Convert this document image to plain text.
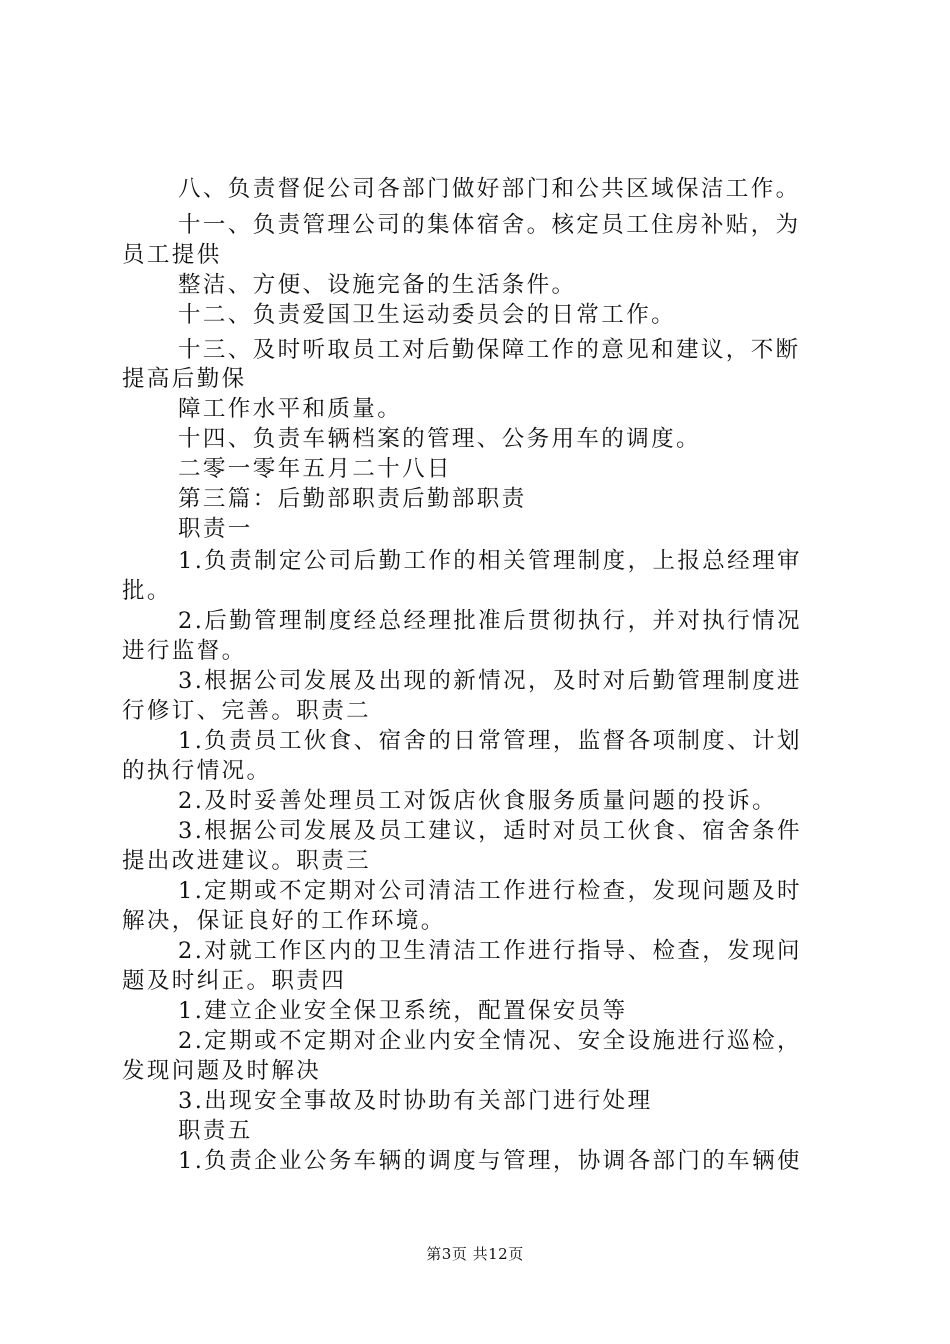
八、负责督促公司各部门做好部门和公共区域保洁工作。
十一、负责管理公司的集体宿舍。核定员工住房补贴，为
员工提供
整洁、方便、设施完备的生活条件。
十二、负责爱国卫生运动委员会的日常工作。
十三、及时听取员工对后勤保障工作的意见和建议，不断
提高后勤保
障工作水平和质量。
十四、负责车辆档案的管理、公务用车的调度。
二零一零年五月二十八日
第三篇：后勤部职责后勤部职责
职责一
1.负责制定公司后勤工作的相关管理制度，上报总经理审
批。
2.后勤管理制度经总经理批准后贯彻执行，并对执行情况
进行监督。
3.根据公司发展及出现的新情况，及时对后勤管理制度进
行修订、完善。职责二
1.负责员工伙食、宿舍的日常管理，监督各项制度、计划
的执行情况。
2.及时妥善处理员工对饭店伙食服务质量问题的投诉。
3.根据公司发展及员工建议，适时对员工伙食、宿舍条件
提出改进建议。职责三
1.定期或不定期对公司清洁工作进行检查，发现问题及时
解决，保证良好的工作环境。
2.对就工作区内的卫生清洁工作进行指导、检查，发现问
题及时纠正。职责四
1.建立企业安全保卫系统，配置保安员等
2.定期或不定期对企业内安全情况、安全设施进行巡检，
发现问题及时解决
3.出现安全事故及时协助有关部门进行处理
职责五
1.负责企业公务车辆的调度与管理，协调各部门的车辆使
第3页 共12页
